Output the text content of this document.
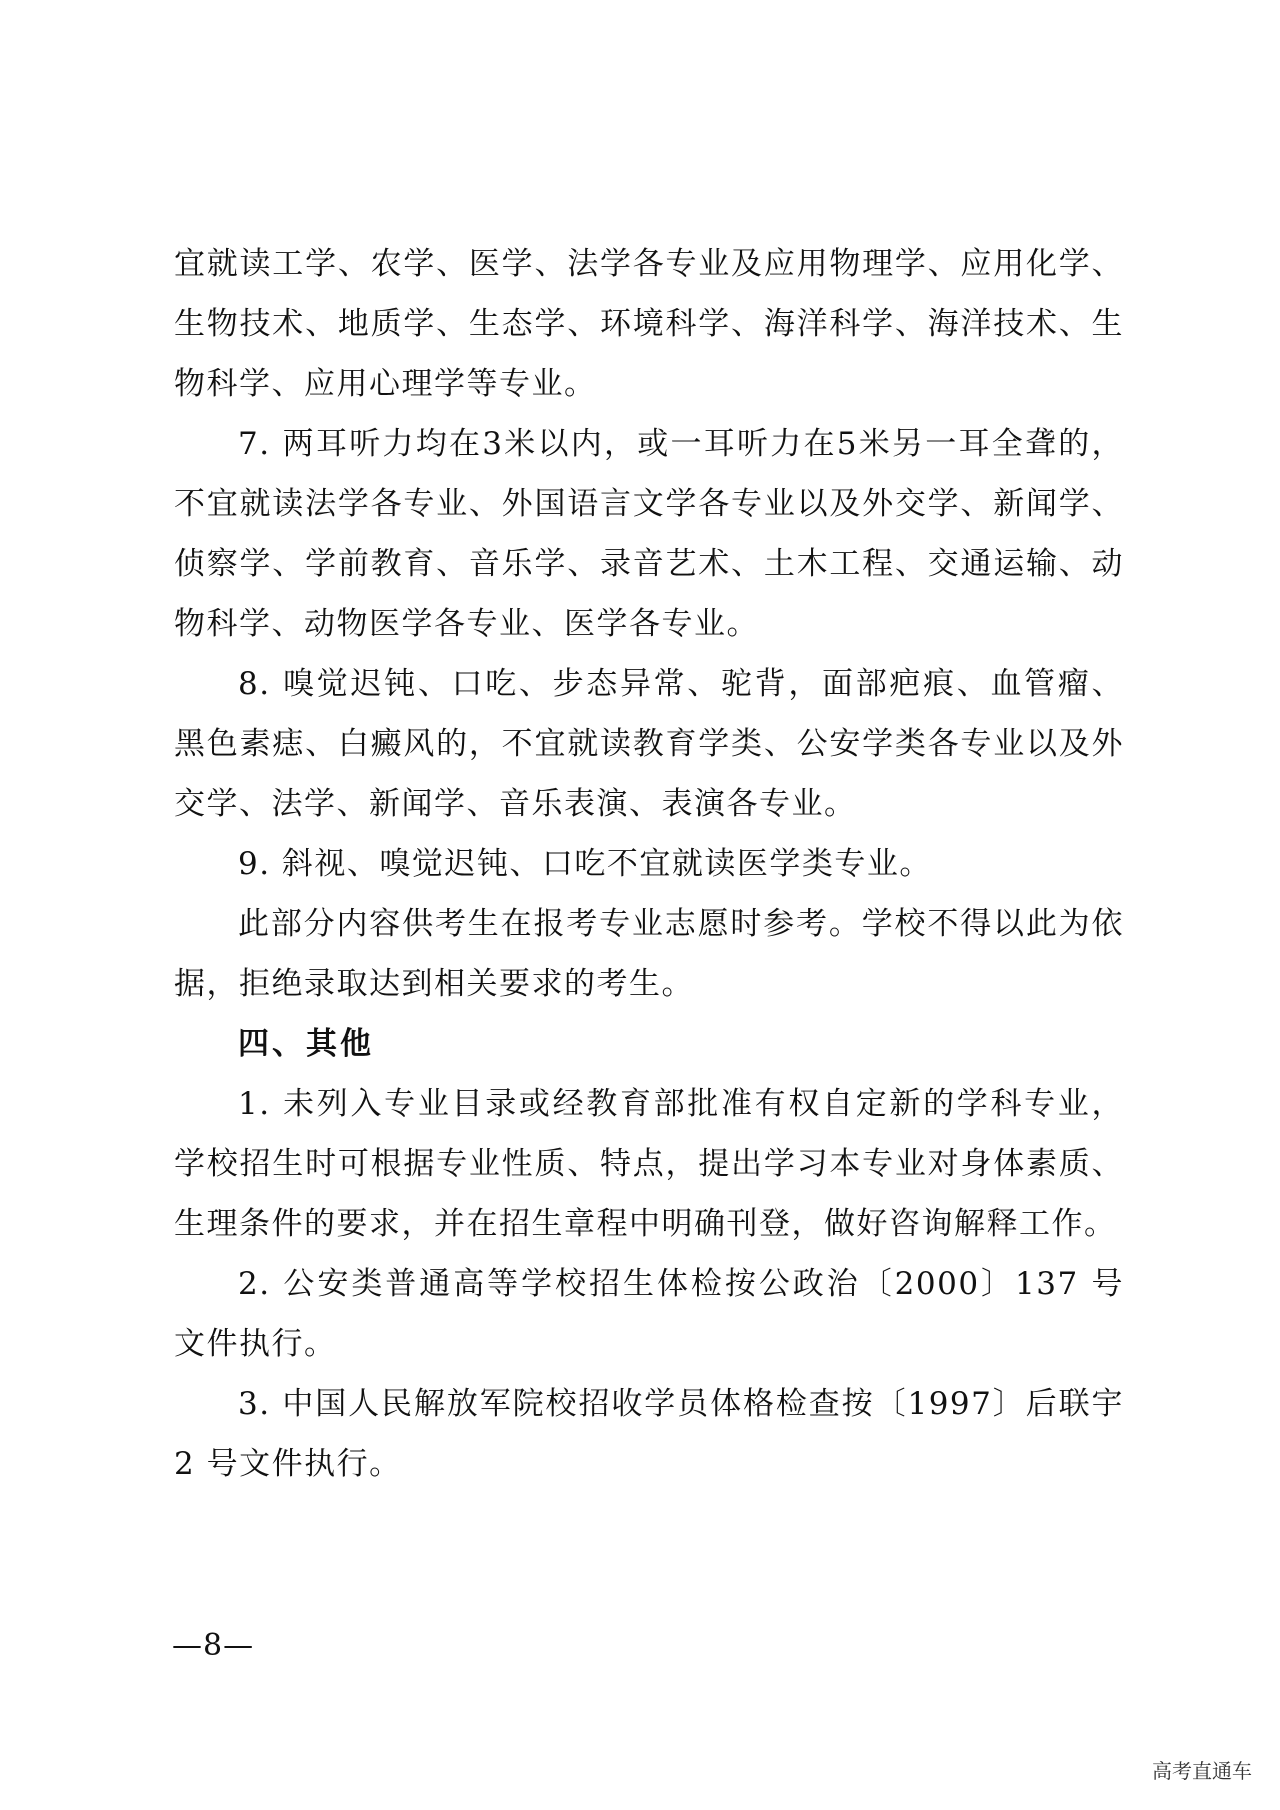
宜就读工学、农学、医学、法学各专业及应用物理学、应用化学、生物技术、地质学、生态学、环境科学、海洋科学、海洋技术、生物科学、应用心理学等专业。

7. 两耳听力均在3米以内，或一耳听力在5米另一耳全聋的，不宜就读法学各专业、外国语言文学各专业以及外交学、新闻学、侦察学、学前教育、音乐学、录音艺术、土木工程、交通运输、动物科学、动物医学各专业、医学各专业。

8. 嗅觉迟钝、口吃、步态异常、驼背，面部疤痕、血管瘤、黑色素痣、白癜风的，不宜就读教育学类、公安学类各专业以及外交学、法学、新闻学、音乐表演、表演各专业。

9. 斜视、嗅觉迟钝、口吃不宜就读医学类专业。

此部分内容供考生在报考专业志愿时参考。学校不得以此为依据，拒绝录取达到相关要求的考生。

四、其他

1. 未列入专业目录或经教育部批准有权自定新的学科专业，学校招生时可根据专业性质、特点，提出学习本专业对身体素质、生理条件的要求，并在招生章程中明确刊登，做好咨询解释工作。

2. 公安类普通高等学校招生体检按公政治〔2000〕137 号文件执行。

3. 中国人民解放军院校招收学员体格检查按〔1997〕后联宇2 号文件执行。

—8—
高考直通车
